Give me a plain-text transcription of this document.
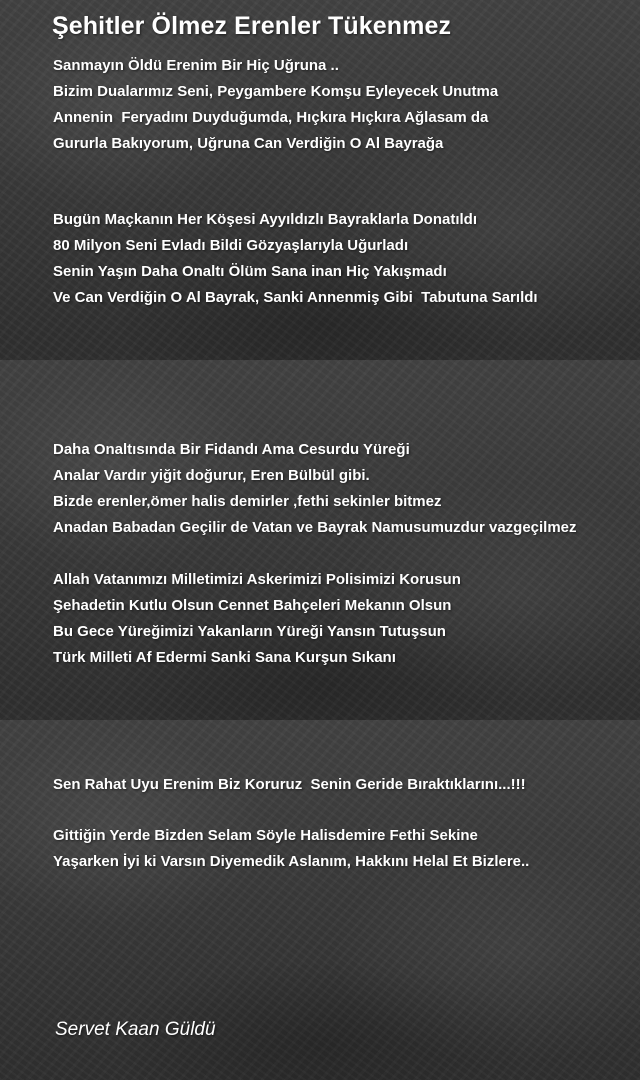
Şehitler Ölmez Erenler Tükenmez
Sanmayın Öldü Erenim Bir Hiç Uğruna ..
Bizim Dualarımız Seni, Peygambere Komşu Eyleyecek Unutma
Annenin  Feryadını Duyduğumda, Hıçkıra Hıçkıra Ağlasam da
Gururla Bakıyorum, Uğruna Can Verdiğin O Al Bayrağa
Bugün Maçkanın Her Köşesi Ayyıldızlı Bayraklarla Donatıldı
80 Milyon Seni Evladı Bildi Gözyaşlarıyla Uğurladı
Senin Yaşın Daha Onaltı Ölüm Sana inan Hiç Yakışmadı
Ve Can Verdiğin O Al Bayrak, Sanki Annenmiş Gibi  Tabutuna Sarıldı
Daha Onaltısında Bir Fidandı Ama Cesurdu Yüreği
Analar Vardır yiğit doğurur, Eren Bülbül gibi.
Bizde erenler,ömer halis demirler ,fethi sekinler bitmez
Anadan Babadan Geçilir de Vatan ve Bayrak Namusumuzdur vazgeçilmez
Allah Vatanımızı Milletimizi Askerimizi Polisimizi Korusun
Şehadetin Kutlu Olsun Cennet Bahçeleri Mekanın Olsun
Bu Gece Yüreğimizi Yakanların Yüreği Yansın Tutuşsun
Türk Milleti Af Edermi Sanki Sana Kurşun Sıkanı
Sen Rahat Uyu Erenim Biz Koruruz  Senin Geride Bıraktıklarını...!!!
Gittiğin Yerde Bizden Selam Söyle Halisdemire Fethi Sekine
Yaşarken İyi ki Varsın Diyemedik Aslanım, Hakkını Helal Et Bizlere..
Servet Kaan Güldü
